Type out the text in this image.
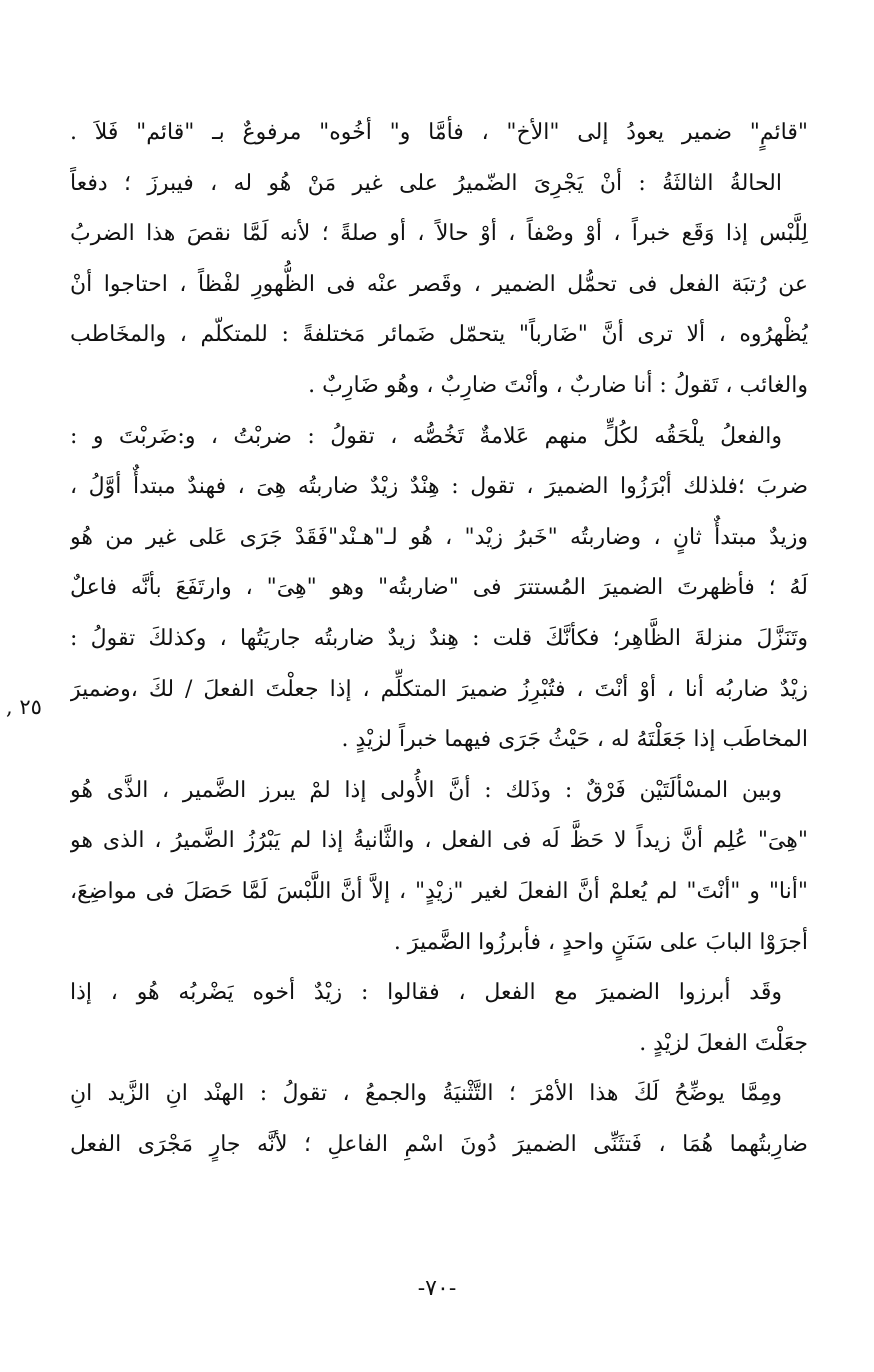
"قائمٍ" ضمير يعودُ إلى "الأخ" ، فأمَّا و" أخُوه" مرفوعٌ بـ "قائم" فَلاَ .
الحالةُ الثالثَةُ : أنْ يَجْرِىَ الضّميرُ على غير مَنْ هُو له ، فيبرزَ ؛ دفعاً
لِلَّبْس إذا وَقَع خبراً ، أوْ وصْفاً ، أوْ حالاً ، أو صلةً ؛ لأنه لَمَّا نقصَ هذا الضربُ
عن رُتبَة الفعل فى تحمُّل الضمير ، وقَصر عنْه فى الظُّهورِ لفْظاً ، احتاجوا أنْ
يُظْهرُوه ، ألا ترى أنَّ "ضَارباً" يتحمّل ضَمائر مَختلفةً : للمتكلّم ، والمخَاطب
والغائب ، تَقولُ : أنا ضاربٌ ، وأنْتَ ضارِبٌ ، وهُو ضَارِبٌ .
والفعلُ يلْحَقُه لكُلٍّ منهم عَلامةٌ تَخُصُّه ، تقولُ : ضربْتُ ، و:ضَربْتَ و :
ضربَ ؛فلذلك أبْرَزُوا الضميرَ ، تقول : هِنْدٌ زيْدٌ ضاربتُه هِىَ ، فهندٌ مبتدأٌ أوَّلُ ،
وزيدٌ مبتدأٌ ثانٍ ، وضاربتُه "خَبرُ زيْد" ، هُو لـ"هـنْد"فَقَدْ جَرَى عَلى غير من هُو
لَهُ ؛ فأظهرتَ الضميرَ المُستترَ فى "ضاربتُه" وهو "هِىَ" ، وارتَفَعَ بأنَّه فاعلٌ
وتَنَزَّلَ منزلةَ الظَّاهِر؛ فكأنَّكَ قلت : هِندٌ زيدٌ ضاربتُه جاريَتُها ، وكذلكَ تقولُ :
زيْدٌ ضاربُه أنا ، أوْ أنْتَ ، فتُبْرِزُ ضميرَ المتكلِّم ، إذا جعلْتَ الفعلَ / لكَ ،وضميرَ
المخاطَب إذا جَعَلْتَهُ له ، حَيْثُ جَرَى فيهما خبراً لزيْدٍ .
وبين المسْألَتَيْن فَرْقٌ : وذَلك : أنَّ الأُولى إذا لمْ يبرز الضَّمير ، الذَّى هُو
"هِىَ" عُلِم أنَّ زيداً لا حَظَّ لَه فى الفعل ، والثَّانيةُ إذا لم يَبْرُزُ الضَّميرُ ، الذى هو
"أنا" و "أنْتَ" لم يُعلمْ أنَّ الفعلَ لغير "زيْدٍ" ، إلاَّ أنَّ اللَّبْسَ لَمَّا حَصَلَ فى مواضِعَ،
أجرَوْا البابَ على سَنَنٍ واحدٍ ، فأبرزُوا الضَّميرَ .
وقَد أبرزوا الضميرَ مع الفعل ، فقالوا : زيْدٌ أخوه يَضْربُه هُو ، إذا
جعَلْتَ الفعلَ لزيْدٍ .
ومِمَّا يوضِّحُ لَكَ هذا الأمْرَ ؛ التَّثْنيَةُ والجمعُ ، تقولُ : الهنْد انِ الزَّيد انِ
ضارِبتُهما هُمَا ، فَتثَنِّى الضميرَ دُونَ اسْمِ الفاعلِ ؛ لأنَّه جارٍ مَجْرَى الفعل
٢٥ ,
-٧٠-
